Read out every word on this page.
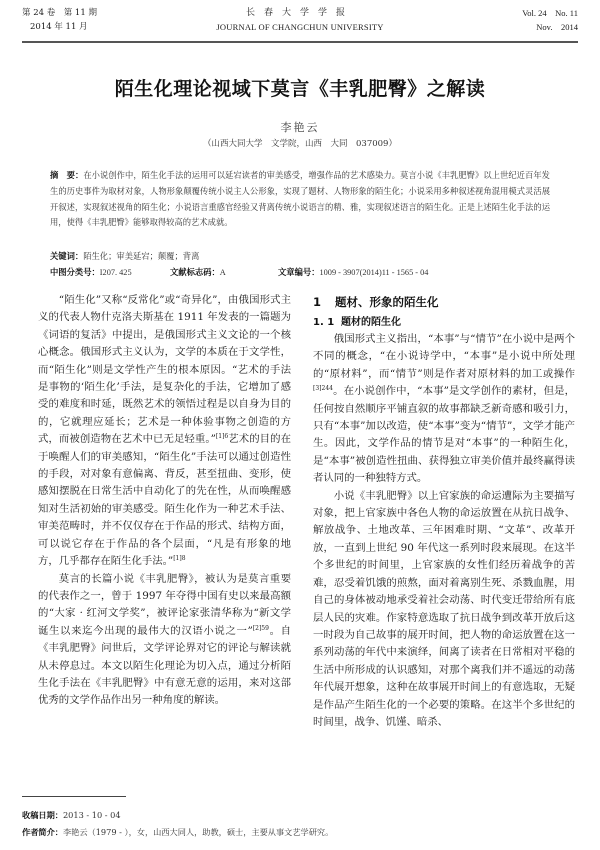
第 24 卷　第 11 期
2014 年 11 月
长春大学学报
JOURNAL OF CHANGCHUN UNIVERSITY
Vol. 24　No. 11
Nov.　2014
陌生化理论视域下莫言《丰乳肥臀》之解读
李艳云
（山西大同大学　文学院，山西　大同　037009）
摘　要：在小说创作中，陌生化手法的运用可以延宕读者的审美感受，增强作品的艺术感染力。莫言小说《丰乳肥臀》以上世纪近百年发生的历史事件为取材对象，人物形象颠覆传统小说主人公形象，实现了题材、人物形象的陌生化；小说采用多种叙述视角混用模式灵活展开叙述，实现叙述视角的陌生化；小说语言重感官经验又背离传统小说语言的精、雅，实现叙述语言的陌生化。正是上述陌生化手法的运用，使得《丰乳肥臀》能够取得较高的艺术成就。
关键词：陌生化；审美延宕；颠覆；背离
中图分类号：I207. 425	文献标志码：A	文章编号：1009 - 3907(2014)11 - 1565 - 04

“陌生化”又称“反常化”或“奇异化”，由俄国形式主义的代表人物什克洛夫斯基在 1911 年发表的一篇题为《词语的复活》中提出，是俄国形式主义文论的一个核心概念。俄国形式主义认为，文学的本质在于文学性，而“陌生化”则是文学性产生的根本原因。“艺术的手法是事物的‘陌生化’手法，是复杂化的手法，它增加了感受的难度和时延，既然艺术的领悟过程是以自身为目的的，它就理应延长；艺术是一种体验事物之创造的方式，而被创造物在艺术中已无足轻重。”$^{[1]6}$艺术的目的在于唤醒人们的审美感知，“陌生化”手法可以通过创造性的手段，对对象有意偏离、背反，甚至扭曲、变形，使感知摆脱在日常生活中自动化了的先在性，从而唤醒感知对生活初始的审美感受。陌生化作为一种艺术手法、审美范畴时，并不仅仅存在于作品的形式、结构方面，可以说它存在于作品的各个层面，“凡是有形象的地方，几乎都存在陌生化手法。”$^{[1]8}$

莫言的长篇小说《丰乳肥臀》，被认为是莫言重要的代表作之一，曾于 1997 年夺得中国有史以来最高额的“大家 · 红河文学奖”，被评论家张清华称为“新文学诞生以来迄今出现的最伟大的汉语小说之一”$^{[2]59}$。自《丰乳肥臀》问世后，文学评论界对它的评论与解读就从未停息过。本文以陌生化理论为切入点，通过分析陌生化手法在《丰乳肥臀》中有意无意的运用，来对这部优秀的文学作品作出另一种角度的解读。

1 题材、形象的陌生化
1. 1 题材的陌生化

俄国形式主义指出，“本事”与“情节”在小说中是两个不同的概念，“在小说诗学中，“本事”是小说中所处理的“原材料”，而“情节”则是作者对原材料的加工或操作$^{[3]244}$。在小说创作中，“本事”是文学创作的素材，但是，任何按自然顺序平铺直叙的故事都缺乏新奇感和吸引力，只有“本事”加以改造，使“本事”变为“情节”，文学才能产生。因此，文学作品的情节是对“本事”的一种陌生化，是“本事”被创造性扭曲、获得独立审美价值并最终赢得读者认同的一种独特方式。

小说《丰乳肥臀》以上官家族的命运遭际为主要描写对象，把上官家族中各色人物的命运放置在从抗日战争、解放战争、土地改革、三年困难时期、“文革”、改革开放，一直到上世纪 90 年代这一系列时段来展现。在这半个多世纪的时间里，上官家族的女性们经历着战争的苦难，忍受着饥饿的煎熬，面对着离别生死、杀戮血腥，用自己的身体被动地承受着社会动荡、时代变迁带给所有底层人民的灾难。作家特意选取了抗日战争到改革开放后这一时段为自己故事的展开时间，把人物的命运放置在这一系列动荡的年代中来演绎，间离了读者在日常相对平稳的生活中所形成的认识感知，对那个离我们并不遥远的动荡年代展开想象，这种在故事展开时间上的有意选取，无疑是作品产生陌生化的一个必要的策略。在这半个多世纪的时间里，战争、饥馑、暗杀、

收稿日期：2013 - 10 - 04
作者简介：李艳云（1979 - ），女，山西大同人，助教，硕士，主要从事文艺学研究。
